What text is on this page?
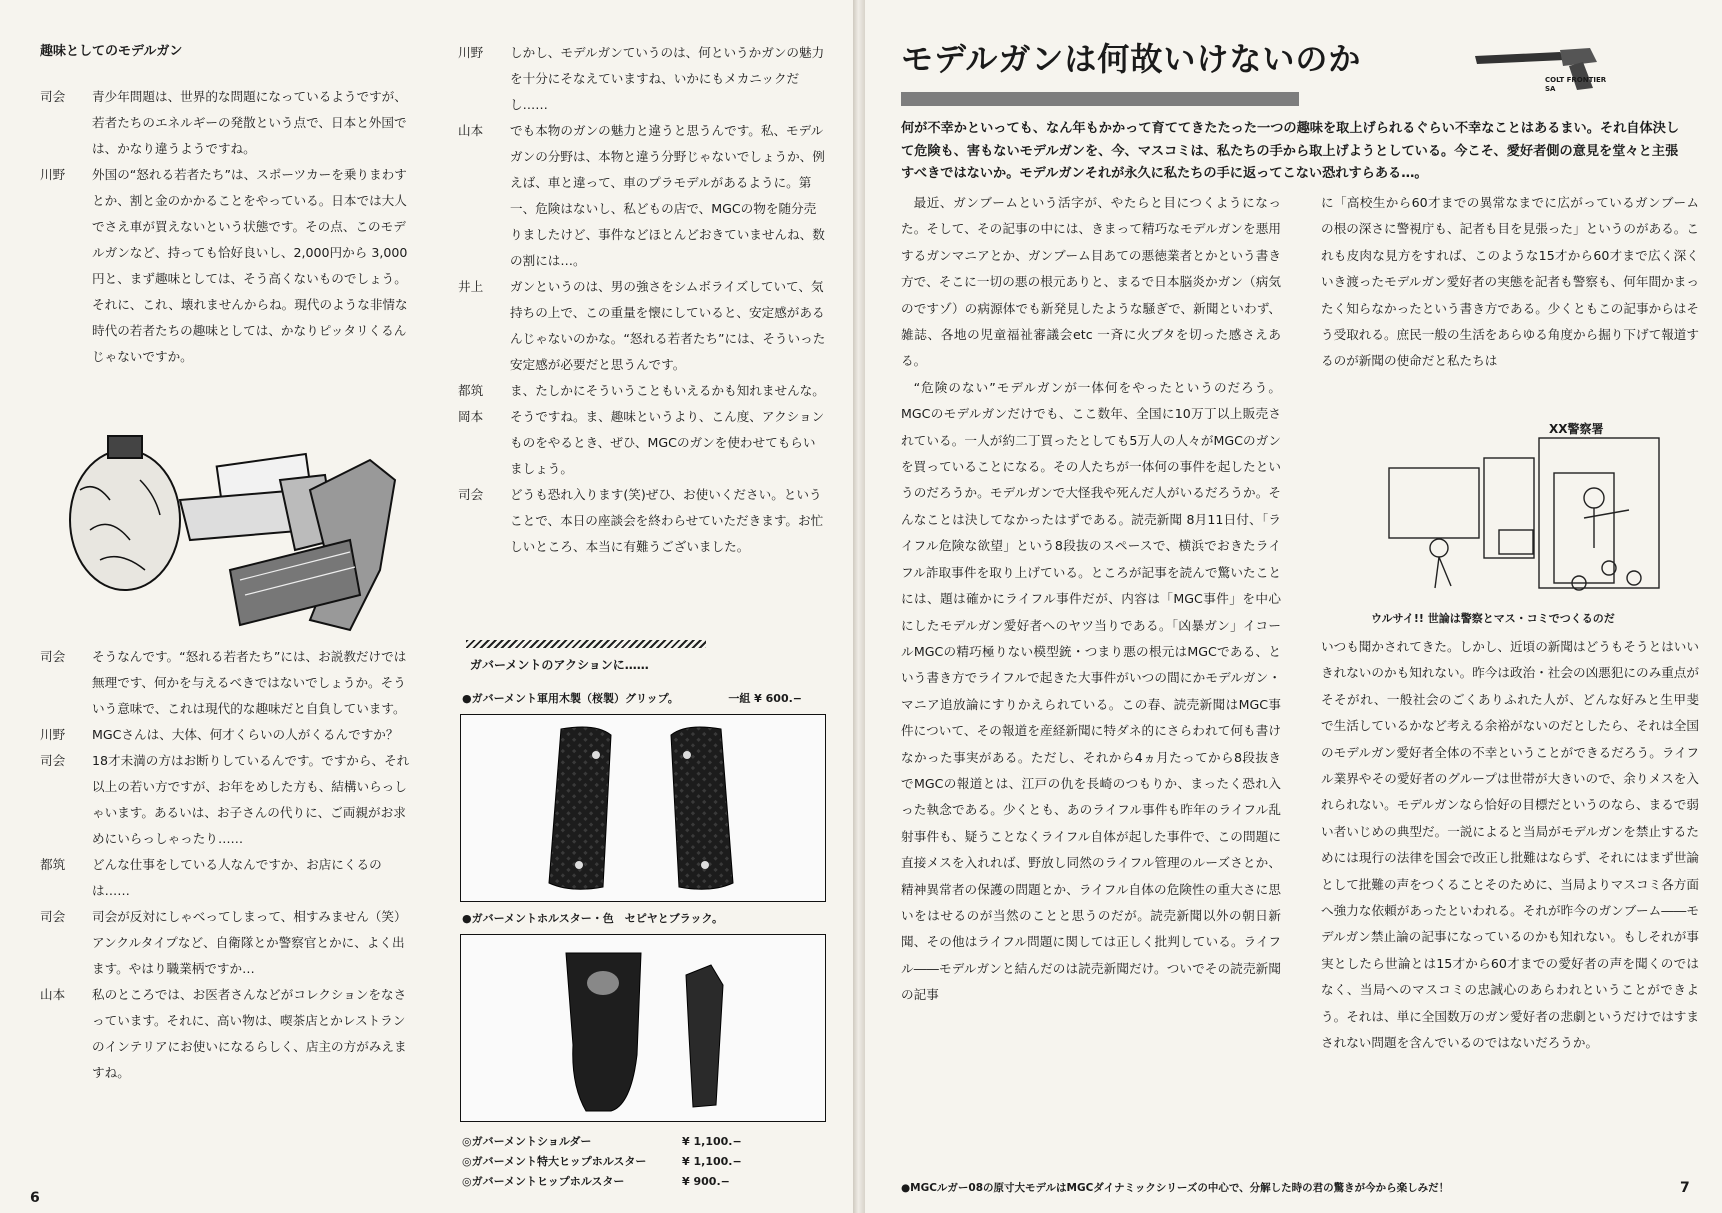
趣味としてのモデルガン
司会	青少年問題は、世界的な問題になっているようですが、若者たちのエネルギーの発散という点で、日本と外国では、かなり違うようですね。
川野	外国の“怒れる若者たち”は、スポーツカーを乗りまわすとか、割と金のかかることをやっている。日本では大人でさえ車が買えないという状態です。その点、このモデルガンなど、持っても恰好良いし、2,000円から 3,000円と、まず趣味としては、そう高くないものでしょう。それに、これ、壊れませんからね。現代のような非情な時代の若者たちの趣味としては、かなりピッタリくるんじゃないですか。
司会	そうなんです。“怒れる若者たち”には、お説教だけでは無理です、何かを与えるべきではないでしょうか。そういう意味で、これは現代的な趣味だと自負しています。
川野	MGCさんは、大体、何才くらいの人がくるんですか？
司会	18才未満の方はお断りしているんです。ですから、それ以上の若い方ですが、お年をめした方も、結構いらっしゃいます。あるいは、お子さんの代りに、ご両親がお求めにいらっしゃったり……
都筑	どんな仕事をしている人なんですか、お店にくるのは……
司会	司会が反対にしゃべってしまって、相すみません（笑）アンクルタイプなど、自衛隊とか警察官とかに、よく出ます。やはり職業柄ですか…
山本	私のところでは、お医者さんなどがコレクションをなさっています。それに、高い物は、喫茶店とかレストランのインテリアにお使いになるらしく、店主の方がみえますね。
川野	しかし、モデルガンていうのは、何というかガンの魅力を十分にそなえていますね、いかにもメカニックだし……
山本	でも本物のガンの魅力と違うと思うんです。私、モデルガンの分野は、本物と違う分野じゃないでしょうか、例えば、車と違って、車のプラモデルがあるように。第一、危険はないし、私どもの店で、MGCの物を随分売りましたけど、事件などほとんどおきていませんね、数の割には…。
井上	ガンというのは、男の強さをシムボライズしていて、気持ちの上で、この重量を懐にしていると、安定感があるんじゃないのかな。“怒れる若者たち”には、そういった安定感が必要だと思うんです。
都筑	ま、たしかにそういうこともいえるかも知れませんな。
岡本	そうですね。ま、趣味というより、こん度、アクションものをやるとき、ぜひ、MGCのガンを使わせてもらいましょう。
司会	どうも恐れ入ります(笑)ぜひ、お使いください。ということで、本日の座談会を終わらせていただきます。お忙しいところ、本当に有難うございました。
ガバーメントのアクションに……
●ガバーメント軍用木製（桜製）グリップ。	一組 ¥ 600.−
●ガバーメントホルスター・色　セピヤとブラック。
◎ガバーメントショルダー	¥ 1,100.−
◎ガバーメント特大ヒップホルスター	¥ 1,100.−
◎ガバーメントヒップホルスター	¥ 900.−
6
モデルガンは何故いけないのか
COLT FRONTIER SA
何が不幸かといっても、なん年もかかって育ててきたたった一つの趣味を取上げられるぐらい不幸なことはあるまい。それ自体決して危険も、害もないモデルガンを、今、マスコミは、私たちの手から取上げようとしている。今こそ、愛好者側の意見を堂々と主張すべきではないか。モデルガンそれが永久に私たちの手に返ってこない恐れすらある…。

最近、ガンブームという活字が、やたらと目につくようになった。そして、その記事の中には、きまって精巧なモデルガンを悪用するガンマニアとか、ガンブーム目あての悪徳業者とかという書き方で、そこに一切の悪の根元ありと、まるで日本脳炎かガン（病気のですゾ）の病源体でも新発見したような騒ぎで、新聞といわず、雑誌、各地の児童福祉審議会etc 一斉に火ブタを切った感さえある。

“危険のない”モデルガンが一体何をやったというのだろう。MGCのモデルガンだけでも、ここ数年、全国に10万丁以上販売されている。一人が約二丁買ったとしても5万人の人々がMGCのガンを買っていることになる。その人たちが一体何の事件を起したというのだろうか。モデルガンで大怪我や死んだ人がいるだろうか。そんなことは決してなかったはずである。読売新聞 8月11日付、「ライフル危険な欲望」という8段抜のスペースで、横浜でおきたライフル詐取事件を取り上げている。ところが記事を読んで驚いたことには、題は確かにライフル事件だが、内容は「MGC事件」を中心にしたモデルガン愛好者へのヤツ当りである。「凶暴ガン」イコールMGCの精巧極りない模型銃・つまり悪の根元はMGCである、という書き方でライフルで起きた大事件がいつの間にかモデルガン・マニア追放論にすりかえられている。この春、読売新聞はMGC事件について、その報道を産経新聞に特ダネ的にさらわれて何も書けなかった事実がある。ただし、それから4ヵ月たってから8段抜きでMGCの報道とは、江戸の仇を長崎のつもりか、まったく恐れ入った執念である。少くとも、あのライフル事件も昨年のライフル乱射事件も、疑うことなくライフル自体が起した事件で、この問題に直接メスを入れれば、野放し同然のライフル管理のルーズさとか、精神異常者の保護の問題とか、ライフル自体の危険性の重大さに思いをはせるのが当然のことと思うのだが。読売新聞以外の朝日新聞、その他はライフル問題に関しては正しく批判している。ライフル――モデルガンと結んだのは読売新聞だけ。ついでその読売新聞の記事

に「高校生から60才までの異常なまでに広がっているガンブームの根の深さに警視庁も、記者も目を見張った」というのがある。これも皮肉な見方をすれば、このような15才から60才まで広く深くいき渡ったモデルガン愛好者の実態を記者も警察も、何年間かまったく知らなかったという書き方である。少くともこの記事からはそう受取れる。庶民一般の生活をあらゆる角度から掘り下げて報道するのが新聞の使命だと私たちは
XX警察署
ウルサイ!! 世論は警察とマス・コミでつくるのだ
いつも聞かされてきた。しかし、近頃の新聞はどうもそうとはいいきれないのかも知れない。昨今は政治・社会の凶悪犯にのみ重点がそそがれ、一般社会のごくありふれた人が、どんな好みと生甲斐で生活しているかなど考える余裕がないのだとしたら、それは全国のモデルガン愛好者全体の不幸ということができるだろう。ライフル業界やその愛好者のグループは世帯が大きいので、余りメスを入れられない。モデルガンなら恰好の目標だというのなら、まるで弱い者いじめの典型だ。一説によると当局がモデルガンを禁止するためには現行の法律を国会で改正し批難はならず、それにはまず世論として批難の声をつくることそのために、当局よりマスコミ各方面へ強力な依頼があったといわれる。それが昨今のガンブーム――モデルガン禁止論の記事になっているのかも知れない。もしそれが事実としたら世論とは15才から60才までの愛好者の声を聞くのではなく、当局へのマスコミの忠誠心のあらわれということができよう。それは、単に全国数万のガン愛好者の悲劇というだけではすまされない問題を含んでいるのではないだろうか。
●MGCルガー08の原寸大モデルはMGCダイナミックシリーズの中心で、分解した時の君の驚きが今から楽しみだ！	7
